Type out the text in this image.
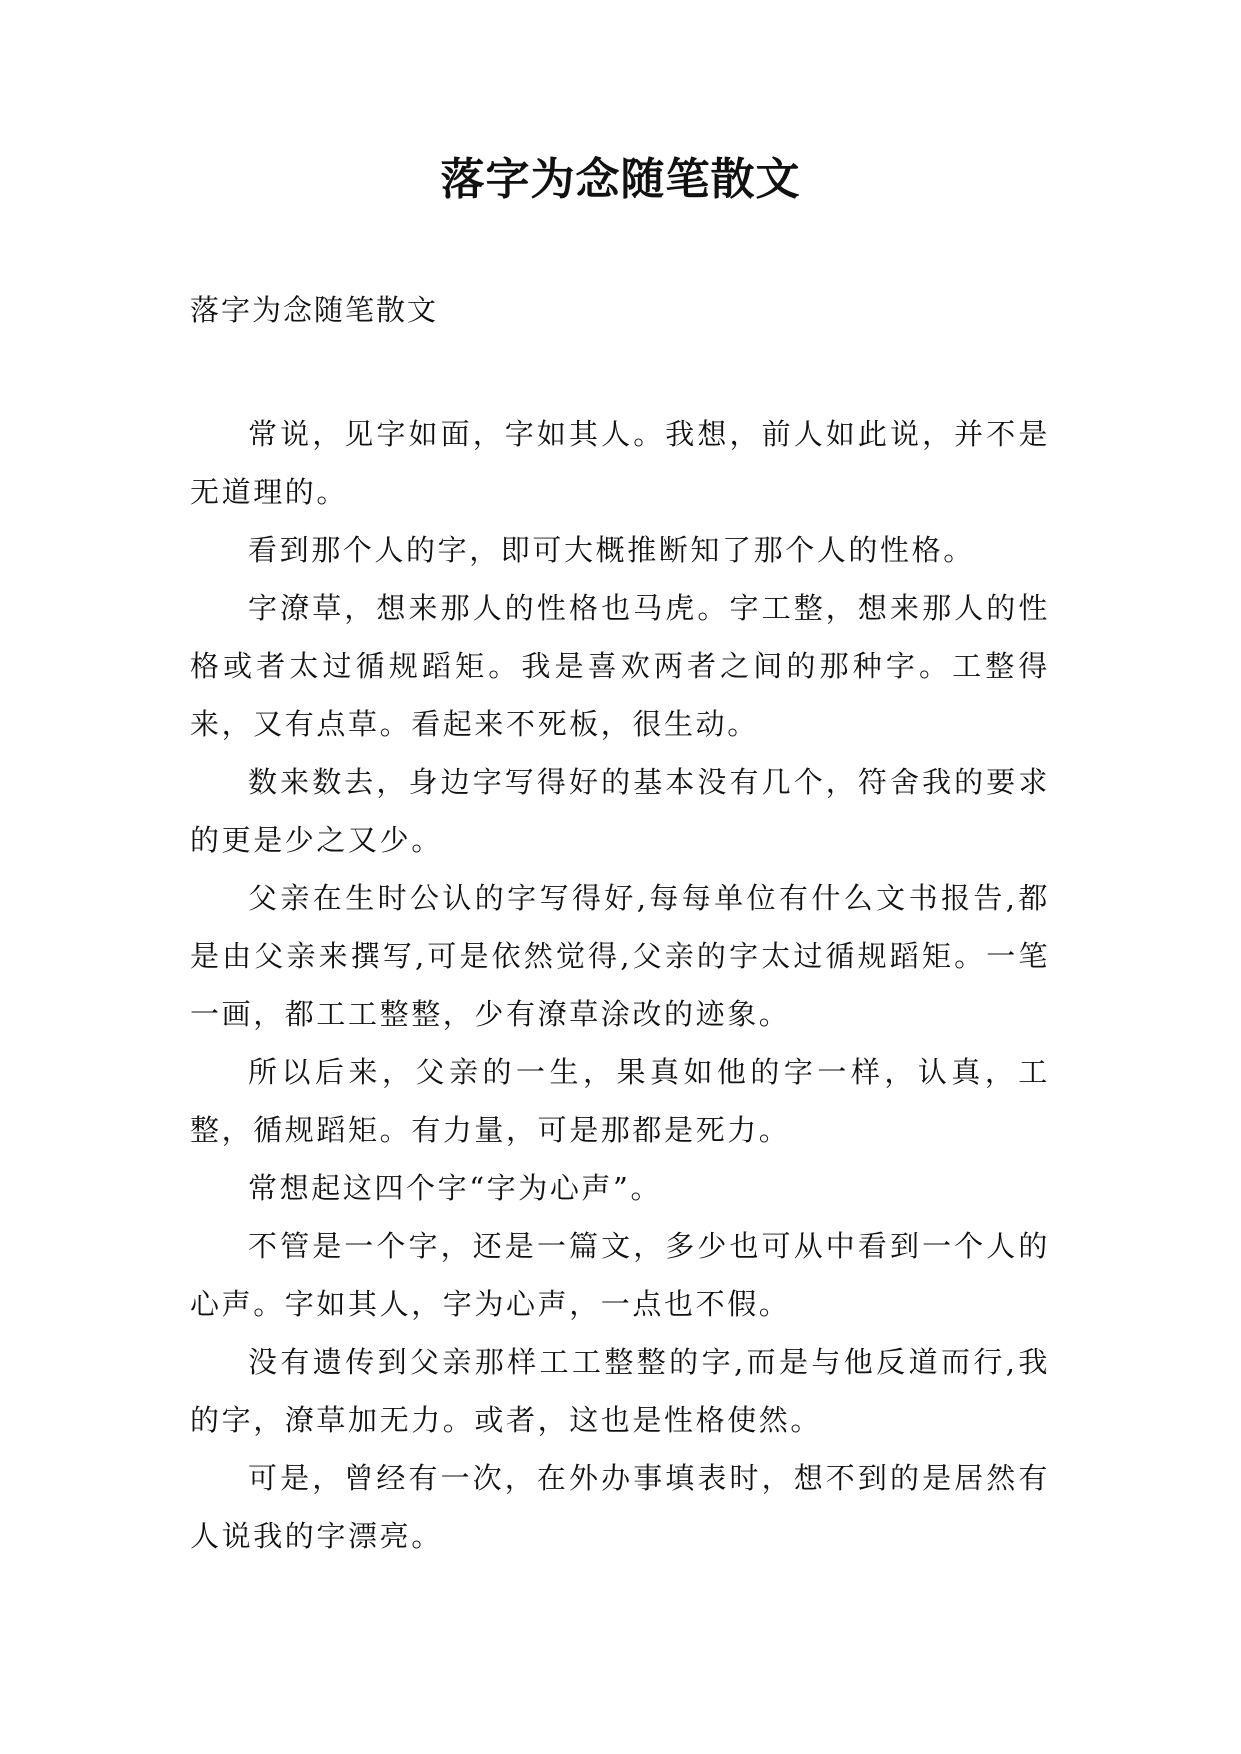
落字为念随笔散文

落字为念随笔散文

常说，见字如面，字如其人。我想，前人如此说，并不是无道理的。

看到那个人的字，即可大概推断知了那个人的性格。

字潦草，想来那人的性格也马虎。字工整，想来那人的性格或者太过循规蹈矩。我是喜欢两者之间的那种字。工整得来，又有点草。看起来不死板，很生动。

数来数去，身边字写得好的基本没有几个，符舍我的要求的更是少之又少。

父亲在生时公认的字写得好,每每单位有什么文书报告,都是由父亲来撰写,可是依然觉得,父亲的字太过循规蹈矩。一笔一画，都工工整整，少有潦草涂改的迹象。

所以后来，父亲的一生，果真如他的字一样，认真，工整，循规蹈矩。有力量，可是那都是死力。

常想起这四个字“字为心声”。

不管是一个字，还是一篇文，多少也可从中看到一个人的心声。字如其人，字为心声，一点也不假。

没有遗传到父亲那样工工整整的字,而是与他反道而行,我的字，潦草加无力。或者，这也是性格使然。

可是，曾经有一次，在外办事填表时，想不到的是居然有人说我的字漂亮。
